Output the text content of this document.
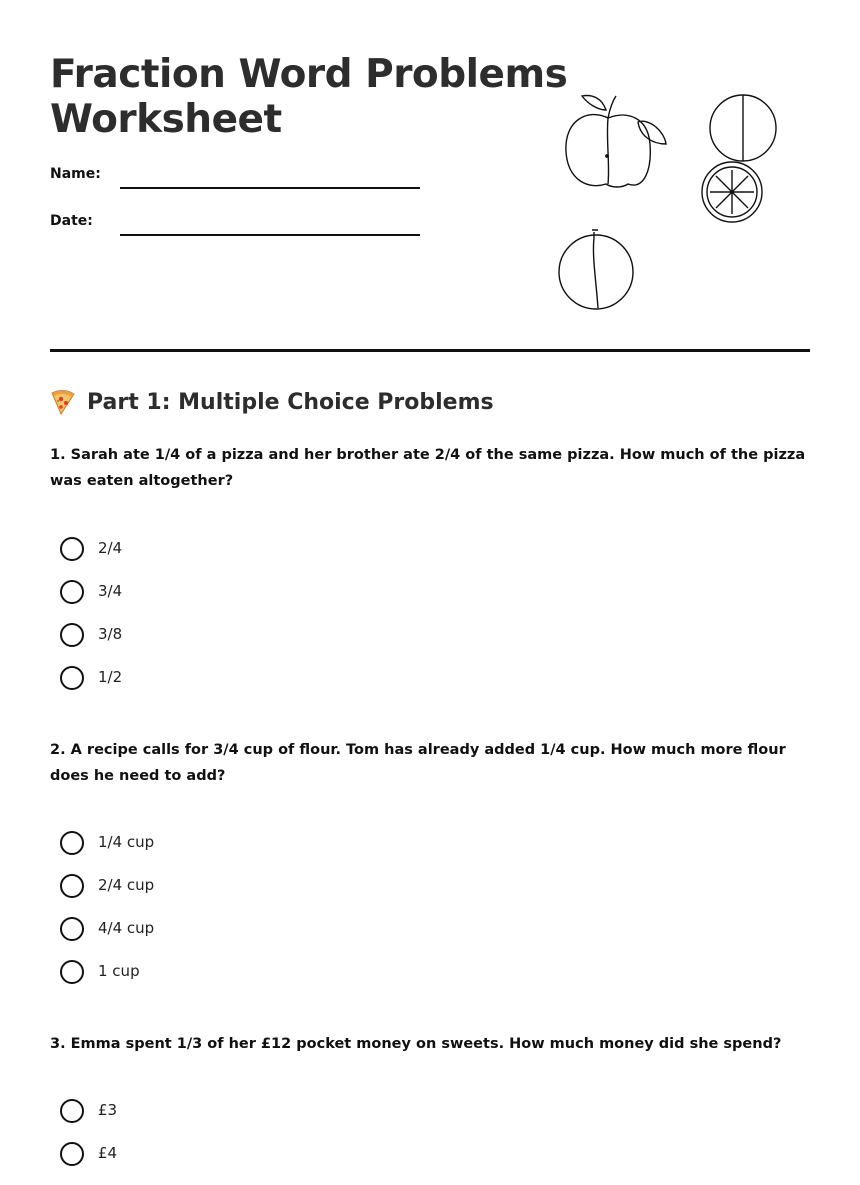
Fraction Word Problems
Worksheet
Name:
Date:
Part 1: Multiple Choice Problems

1. Sarah ate 1/4 of a pizza and her brother ate 2/4 of the same pizza. How much of the pizza was eaten altogether?

2/4
3/4
3/8
1/2

2. A recipe calls for 3/4 cup of flour. Tom has already added 1/4 cup. How much more flour does he need to add?

1/4 cup
2/4 cup
4/4 cup
1 cup

3. Emma spent 1/3 of her £12 pocket money on sweets. How much money did she spend?

£3
£4
